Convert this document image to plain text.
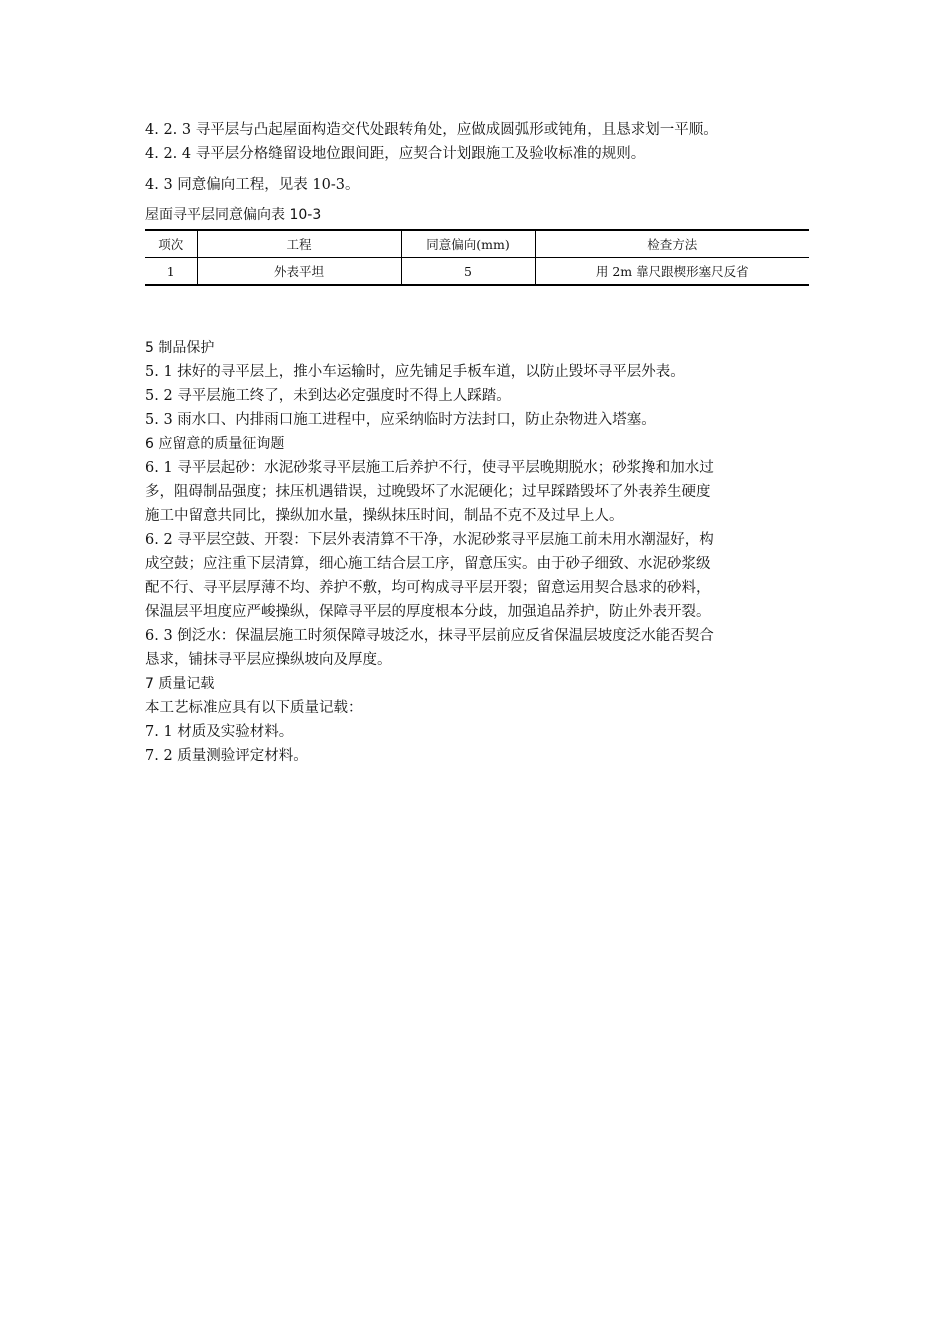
4. 2. 3 寻平层与凸起屋面构造交代处跟转角处，应做成圆弧形或钝角，且恳求划一平顺。

4. 2. 4 寻平层分格缝留设地位跟间距，应契合计划跟施工及验收标准的规则。

4. 3 同意偏向工程，见表 10-3。

屋面寻平层同意偏向表 10-3
项次	工程	同意偏向(mm)	检查方法
1	外表平坦	5	用 2m 靠尺跟楔形塞尺反省

5 制品保护

5. 1 抹好的寻平层上，推小车运输时，应先铺足手板车道，以防止毁坏寻平层外表。

5. 2 寻平层施工终了，未到达必定强度时不得上人踩踏。

5. 3 雨水口、内排雨口施工进程中，应采纳临时方法封口，防止杂物进入塔塞。

6 应留意的质量征询题

6. 1 寻平层起砂：水泥砂浆寻平层施工后养护不行，使寻平层晚期脱水；砂浆搀和加水过

多，阻碍制品强度；抹压机遇错误，过晚毁坏了水泥硬化；过早踩踏毁坏了外表养生硬度

施工中留意共同比，操纵加水量，操纵抹压时间，制品不克不及过早上人。

6. 2 寻平层空鼓、开裂：下层外表清算不干净，水泥砂浆寻平层施工前未用水潮湿好，构

成空鼓；应注重下层清算，细心施工结合层工序，留意压实。由于砂子细致、水泥砂浆级

配不行、寻平层厚薄不均、养护不敷，均可构成寻平层开裂；留意运用契合恳求的砂料，

保温层平坦度应严峻操纵，保障寻平层的厚度根本分歧，加强追品养护，防止外表开裂。

6. 3 倒泛水：保温层施工时须保障寻坡泛水，抹寻平层前应反省保温层坡度泛水能否契合

恳求，铺抹寻平层应操纵坡向及厚度。

7 质量记载

本工艺标准应具有以下质量记载：

7. 1 材质及实验材料。

7. 2 质量测验评定材料。
